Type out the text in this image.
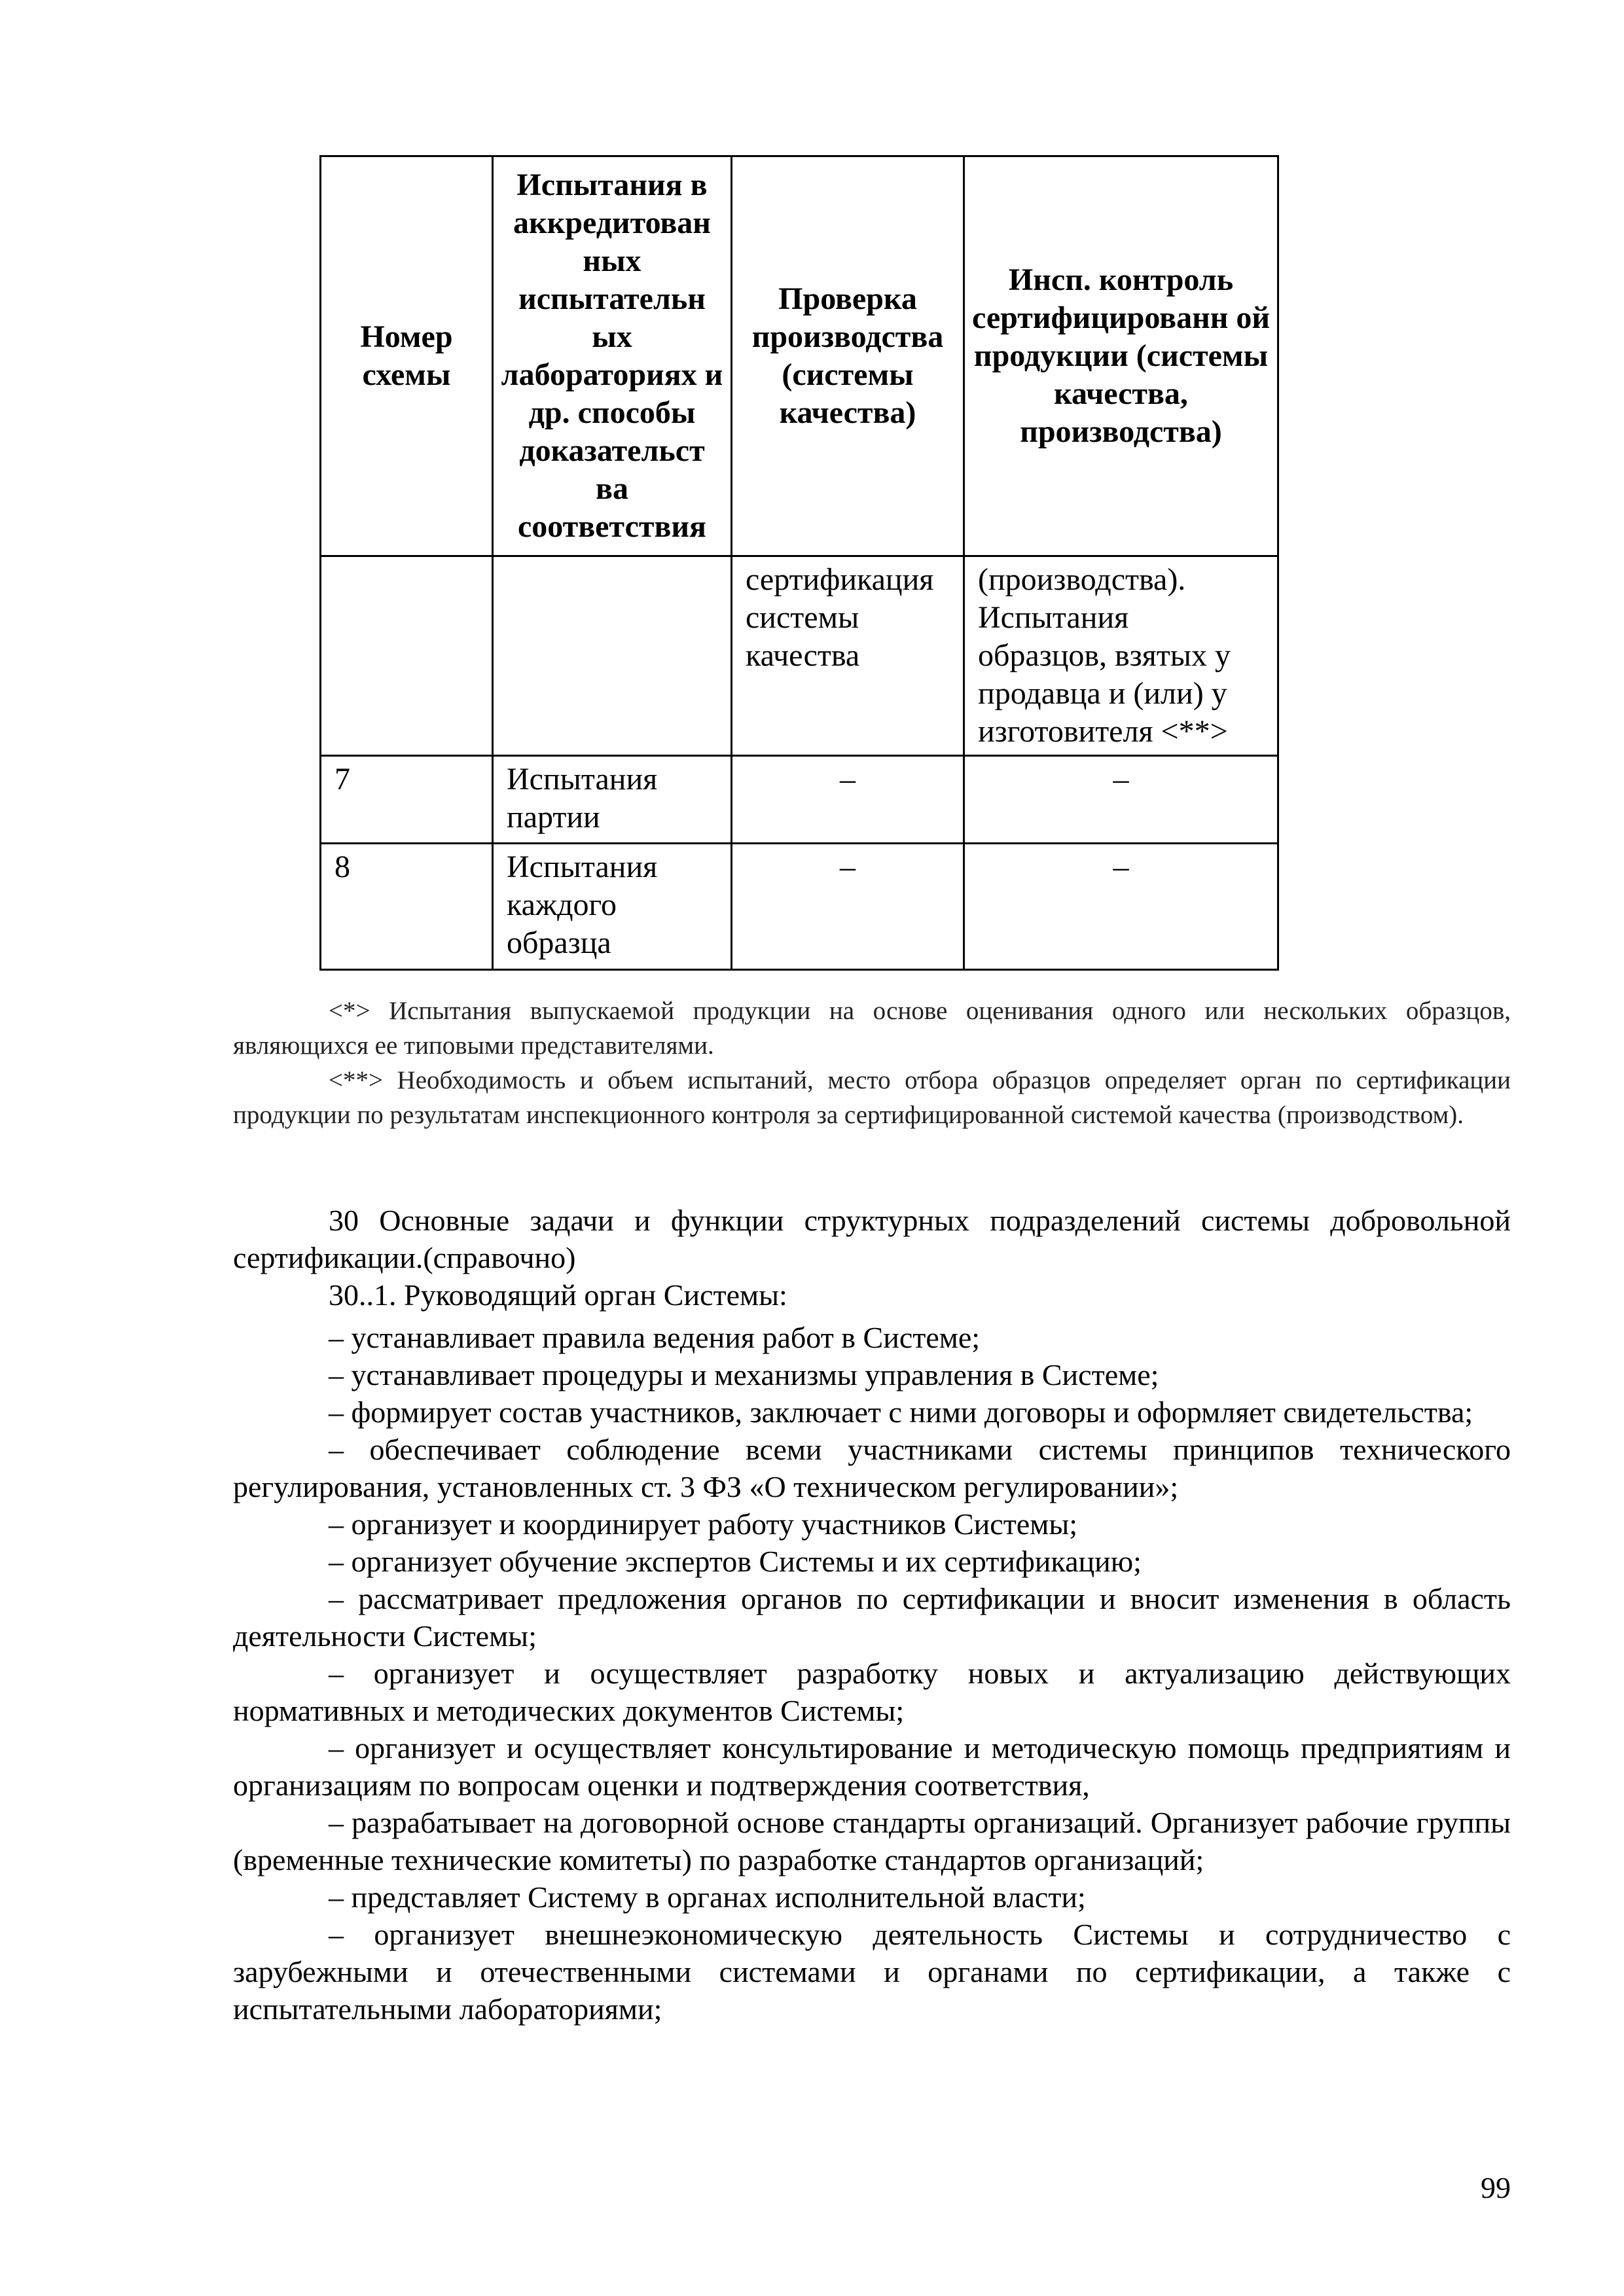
Номер схемы	Испытания в аккредитован ных испытательн ых лабораториях и др. способы доказательст ва соответствия	Проверка производства (системы качества)	Инсп. контроль сертифицированн ой продукции (системы качества, производства)
		сертификация системы качества	(производства). Испытания образцов, взятых у продавца и (или) у изготовителя <**>
7	Испытания партии	–	–
8	Испытания каждого образца	–	–

<*> Испытания выпускаемой продукции на основе оценивания одного или нескольких образцов, являющихся ее типовыми представителями.

<**> Необходимость и объем испытаний, место отбора образцов определяет орган по сертификации продукции по результатам инспекционного контроля за сертифицированной системой качества (производством).

30 Основные задачи и функции структурных подразделений системы добровольной сертификации.(справочно)

30..1. Руководящий орган Системы:

– устанавливает правила ведения работ в Системе;

– устанавливает процедуры и механизмы управления в Системе;

– формирует состав участников, заключает с ними договоры и оформляет свидетельства;

– обеспечивает соблюдение всеми участниками системы принципов технического регулирования, установленных ст. 3 ФЗ «О техническом регулировании»;

– организует и координирует работу участников Системы;

– организует обучение экспертов Системы и их сертификацию;

– рассматривает предложения органов по сертификации и вносит изменения в область деятельности Системы;

– организует и осуществляет разработку новых и актуализацию действующих нормативных и методических документов Системы;

– организует и осуществляет консультирование и методическую помощь предприятиям и организациям по вопросам оценки и подтверждения соответствия,

– разрабатывает на договорной основе стандарты организаций. Организует рабочие группы (временные технические комитеты) по разработке стандартов организаций;

– представляет Систему в органах исполнительной власти;

– организует внешнеэкономическую деятельность Системы и сотрудничество с зарубежными и отечественными системами и органами по сертификации, а также с испытательными лабораториями;

99
